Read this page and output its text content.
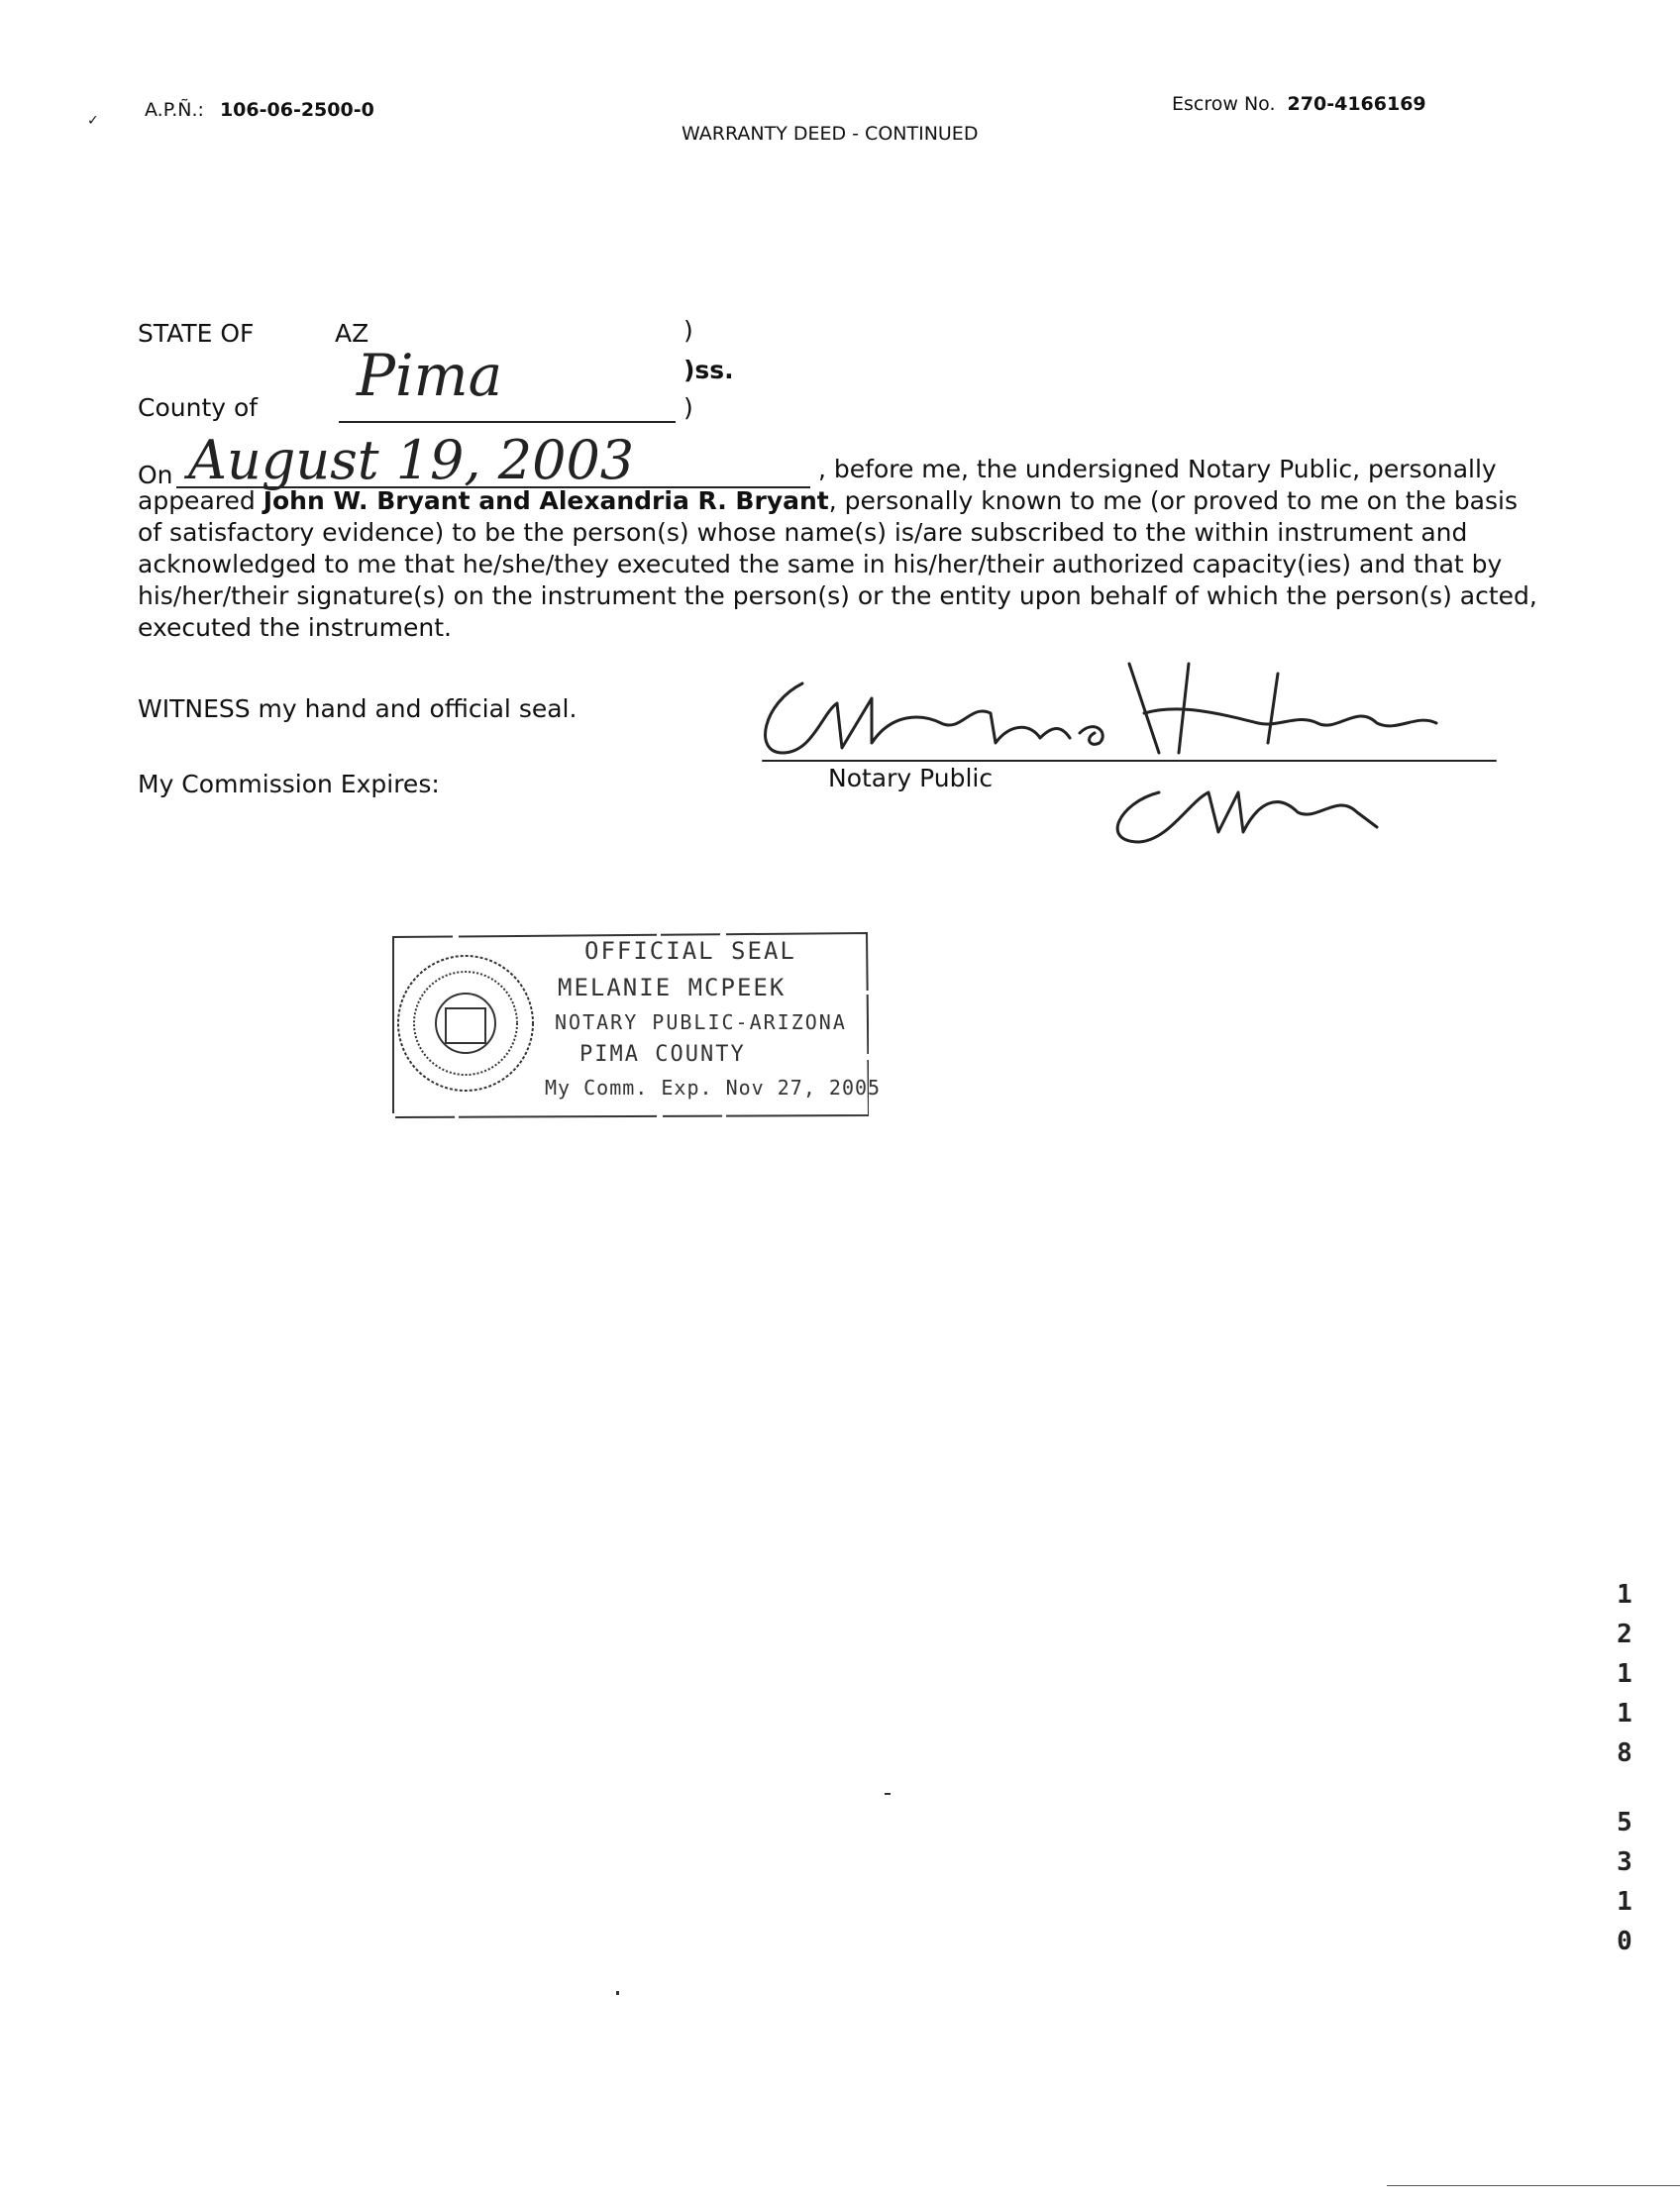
✓ A.P.Ñ.: 106-06-2500-0
WARRANTY DEED - CONTINUED
Escrow No. 270-4166169
STATE OF	AZ	)
)ss.
County of Pima	)
On August 19, 2003	, before me, the undersigned Notary Public, personally
appeared John W. Bryant and Alexandria R. Bryant, personally known to me (or proved to me on the basis
of satisfactory evidence) to be the person(s) whose name(s) is/are subscribed to the within instrument and
acknowledged to me that he/she/they executed the same in his/her/their authorized capacity(ies) and that by
his/her/their signature(s) on the instrument the person(s) or the entity upon behalf of which the person(s) acted,
executed the instrument.
WITNESS my hand and official seal.
My Commission Expires:	Notary Public
OFFICIAL SEAL
MELANIE MCPEEK
NOTARY PUBLIC-ARIZONA
PIMA COUNTY
My Comm. Exp. Nov 27, 2005
1
2
1
1
8
5
3
1
0
